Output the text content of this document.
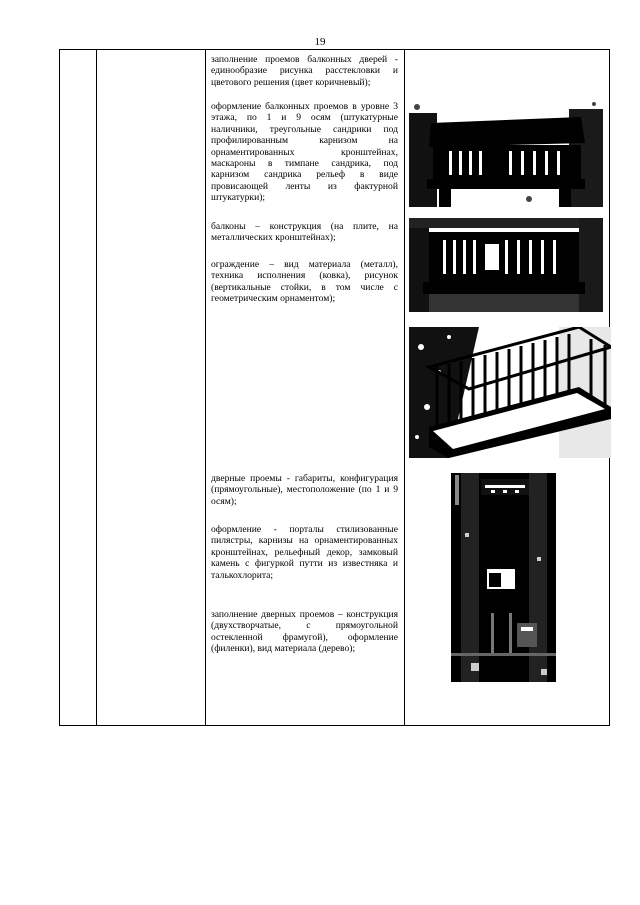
19
заполнение проемов балконных дверей - единообразие рисунка расстекловки и цветового решения (цвет коричневый);
оформление балконных проемов в уровне 3 этажа, по 1 и 9 осям (штукатурные наличники, треугольные сандрики под профилированным карнизом на орнаментированных кронштейнах, маскароны в тимпане сандрика, под карнизом сандрика рельеф в виде провисающей ленты из фактурной штукатурки);
балконы – конструкция (на плите, на металлических кронштейнах);
ограждение – вид материала (металл), техника исполнения (ковка), рисунок (вертикальные стойки, в том числе с геометрическим орнаментом);
дверные проемы - габариты, конфигурация (прямоугольные), местоположение (по 1 и 9 осям);
оформление - порталы стилизованные пилястры, карнизы на орнаментированных кронштейнах, рельефный декор, замковый камень с фигуркой путти из известняка и талькохлорита;
заполнение дверных проемов – конструкция (двухстворчатые, с прямоугольной остекленной фрамугой), оформление (филенки), вид материала (дерево);
